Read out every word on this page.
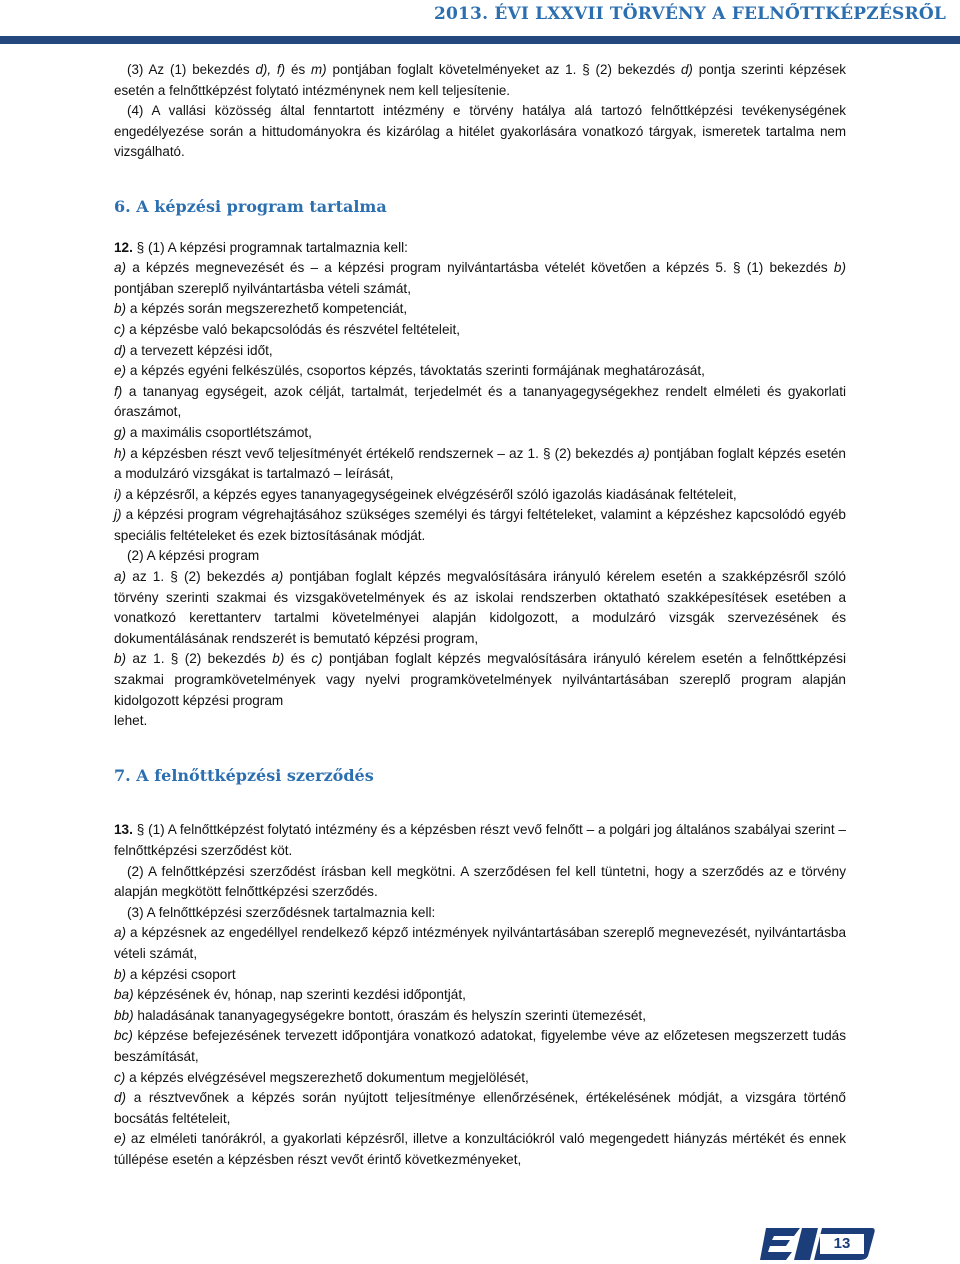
2013. ÉVI LXXVII TÖRVÉNY A FELNŐTTKÉPZÉSRŐL

(3) Az (1) bekezdés d), f) és m) pontjában foglalt követelményeket az 1. § (2) bekezdés d) pontja szerinti képzések esetén a felnőttképzést folytató intézménynek nem kell teljesítenie.

(4) A vallási közösség által fenntartott intézmény e törvény hatálya alá tartozó felnőttképzési tevékenységének engedélyezése során a hittudományokra és kizárólag a hitélet gyakorlására vonatkozó tárgyak, ismeretek tartalma nem vizsgálható.

6. A képzési program tartalma

12. § (1) A képzési programnak tartalmaznia kell:

a) a képzés megnevezését és – a képzési program nyilvántartásba vételét követően a képzés 5. § (1) bekezdés b) pontjában szereplő nyilvántartásba vételi számát,

b) a képzés során megszerezhető kompetenciát,

c) a képzésbe való bekapcsolódás és részvétel feltételeit,

d) a tervezett képzési időt,

e) a képzés egyéni felkészülés, csoportos képzés, távoktatás szerinti formájának meghatározását,

f) a tananyag egységeit, azok célját, tartalmát, terjedelmét és a tananyagegységekhez rendelt elméleti és gyakorlati óraszámot,

g) a maximális csoportlétszámot,

h) a képzésben részt vevő teljesítményét értékelő rendszernek – az 1. § (2) bekezdés a) pontjában foglalt képzés esetén a modulzáró vizsgákat is tartalmazó – leírását,

i) a képzésről, a képzés egyes tananyagegységeinek elvégzéséről szóló igazolás kiadásának feltételeit,

j) a képzési program végrehajtásához szükséges személyi és tárgyi feltételeket, valamint a képzéshez kapcsolódó egyéb speciális feltételeket és ezek biztosításának módját.

(2) A képzési program

a) az 1. § (2) bekezdés a) pontjában foglalt képzés megvalósítására irányuló kérelem esetén a szakképzésről szóló törvény szerinti szakmai és vizsgakövetelmények és az iskolai rendszerben oktatható szakképesítések esetében a vonatkozó kerettanterv tartalmi követelményei alapján kidolgozott, a modulzáró vizsgák szervezésének és dokumentálásának rendszerét is bemutató képzési program,

b) az 1. § (2) bekezdés b) és c) pontjában foglalt képzés megvalósítására irányuló kérelem esetén a felnőttképzési szakmai programkövetelmények vagy nyelvi programkövetelmények nyilvántartásában szereplő program alapján kidolgozott képzési program

lehet.

7. A felnőttképzési szerződés

13. § (1) A felnőttképzést folytató intézmény és a képzésben részt vevő felnőtt – a polgári jog általános szabályai szerint – felnőttképzési szerződést köt.

(2) A felnőttképzési szerződést írásban kell megkötni. A szerződésen fel kell tüntetni, hogy a szerződés az e törvény alapján megkötött felnőttképzési szerződés.

(3) A felnőttképzési szerződésnek tartalmaznia kell:

a) a képzésnek az engedéllyel rendelkező képző intézmények nyilvántartásában szereplő megnevezését, nyilvántartásba vételi számát,

b) a képzési csoport

ba) képzésének év, hónap, nap szerinti kezdési időpontját,

bb) haladásának tananyagegységekre bontott, óraszám és helyszín szerinti ütemezését,

bc) képzése befejezésének tervezett időpontjára vonatkozó adatokat, figyelembe véve az előzetesen megszerzett tudás beszámítását,

c) a képzés elvégzésével megszerezhető dokumentum megjelölését,

d) a résztvevőnek a képzés során nyújtott teljesítménye ellenőrzésének, értékelésének módját, a vizsgára történő bocsátás feltételeit,

e) az elméleti tanórákról, a gyakorlati képzésről, illetve a konzultációkról való megengedett hiányzás mértékét és ennek túllépése esetén a képzésben részt vevőt érintő következményeket,

13
